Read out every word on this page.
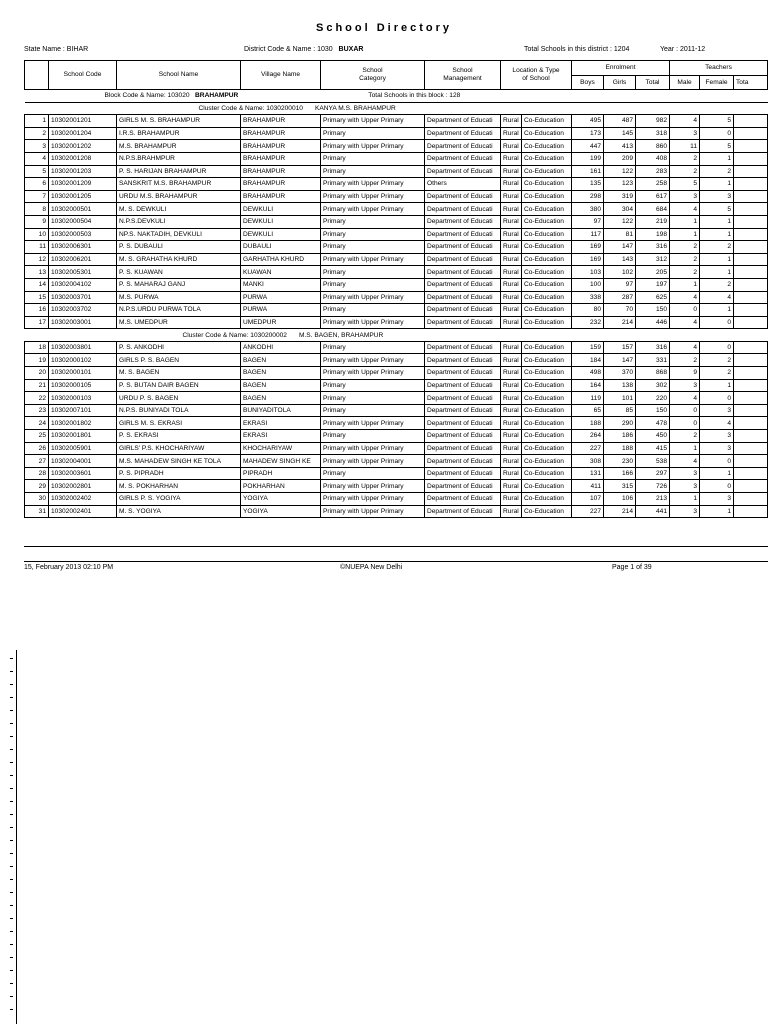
School Directory
State Name : BIHAR	District Code & Name : 1030 BUXAR	Total Schools in this district : 1204	Year : 2011-12
	School Code	School Name	Village Name	School Category	School Management	Location & Type of School		Enrolment			Teachers		
								Boys	Girls	Total	Male	Female	Tota
Block Code & Name: 103020 BRAHAMPUR Total Schools in this block : 128													
Cluster Code & Name: 1030200010 KANYA M.S. BRAHAMPUR													
1	10302001201	GIRLS M. S. BRAHAMPUR	BRAHAMPUR	Primary with Upper Primary	Department of Educati	Rural	Co-Education	495	487	982	4	5	
2	10302001204	I.R.S. BRAHAMPUR	BRAHAMPUR	Primary	Department of Educati	Rural	Co-Education	173	145	318	3	0	
3	10302001202	M.S. BRAHAMPUR	BRAHAMPUR	Primary with Upper Primary	Department of Educati	Rural	Co-Education	447	413	860	11	5	
4	10302001208	N.P.S.BRAHMPUR	BRAHAMPUR	Primary	Department of Educati	Rural	Co-Education	199	209	408	2	1	
5	10302001203	P. S. HARIJAN BRAHAMPUR	BRAHAMPUR	Primary	Department of Educati	Rural	Co-Education	161	122	283	2	2	
6	10302001209	SANSKRIT M.S. BRAHAMPUR	BRAHAMPUR	Primary with Upper Primary	Others	Rural	Co-Education	135	123	258	5	1	
7	10302001205	URDU M.S. BRAHAMPUR	BRAHAMPUR	Primary with Upper Primary	Department of Educati	Rural	Co-Education	298	319	617	3	3	
8	10302000501	M. S. DEWKULI	DEWKULI	Primary with Upper Primary	Department of Educati	Rural	Co-Education	380	304	684	4	5	
9	10302000504	N.P.S.DEVKULI	DEWKULI	Primary	Department of Educati	Rural	Co-Education	97	122	219	1	1	
10	10302000503	NP.S. NAKTADIH, DEVKULI	DEWKULI	Primary	Department of Educati	Rural	Co-Education	117	81	198	1	1	
11	10302006301	P. S. DUBAULI	DUBAULI	Primary	Department of Educati	Rural	Co-Education	169	147	316	2	2	
12	10302006201	M. S. GRAHATHA KHURD	GARHATHA KHURD	Primary with Upper Primary	Department of Educati	Rural	Co-Education	169	143	312	2	1	
13	10302005301	P. S. KUAWAN	KUAWAN	Primary	Department of Educati	Rural	Co-Education	103	102	205	2	1	
14	10302004102	P. S. MAHARAJ GANJ	MANKI	Primary	Department of Educati	Rural	Co-Education	100	97	197	1	2	
15	10302003701	M.S. PURWA	PURWA	Primary with Upper Primary	Department of Educati	Rural	Co-Education	338	287	625	4	4	
16	10302003702	N.P.S.URDU PURWA TOLA	PURWA	Primary	Department of Educati	Rural	Co-Education	80	70	150	0	1	
17	10302003001	M.S. UMEDPUR	UMEDPUR	Primary with Upper Primary	Department of Educati	Rural	Co-Education	232	214	446	4	0	
Cluster Code & Name: 1030200002 M.S. BAGEN, BRAHAMPUR													
18	10302003801	P. S. ANKODHI	ANKODHI	Primary	Department of Educati	Rural	Co-Education	159	157	316	4	0	
19	10302000102	GIRLS P. S. BAGEN	BAGEN	Primary with Upper Primary	Department of Educati	Rural	Co-Education	184	147	331	2	2	
20	10302000101	M. S. BAGEN	BAGEN	Primary with Upper Primary	Department of Educati	Rural	Co-Education	498	370	868	9	2	
21	10302000105	P. S. BUTAN DAIR BAGEN	BAGEN	Primary	Department of Educati	Rural	Co-Education	164	138	302	3	1	
22	10302000103	URDU P. S. BAGEN	BAGEN	Primary	Department of Educati	Rural	Co-Education	119	101	220	4	0	
23	10302007101	N.P.S. BUNIYADI TOLA	BUNIYADITOLA	Primary	Department of Educati	Rural	Co-Education	65	85	150	0	3	
24	10302001802	GIRLS M. S. EKRASI	EKRASI	Primary with Upper Primary	Department of Educati	Rural	Co-Education	188	290	478	0	4	
25	10302001801	P. S. EKRASI	EKRASI	Primary	Department of Educati	Rural	Co-Education	264	186	450	2	3	
26	10302005901	GIRLS' P.S. KHOCHARIYAW	KHOCHARIYAW	Primary with Upper Primary	Department of Educati	Rural	Co-Education	227	188	415	1	3	
27	10302004001	M.S. MAHADEW SINGH KE TOLA	MAHADEW SINGH KE	Primary with Upper Primary	Department of Educati	Rural	Co-Education	308	230	538	4	0	
28	10302003601	P. S. PIPRADH	PIPRADH	Primary	Department of Educati	Rural	Co-Education	131	166	297	3	1	
29	10302002801	M. S. POKHARHAN	POKHARHAN	Primary with Upper Primary	Department of Educati	Rural	Co-Education	411	315	726	3	0	
30	10302002402	GIRLS P. S. YOGIYA	YOGIYA	Primary with Upper Primary	Department of Educati	Rural	Co-Education	107	106	213	1	3	
31	10302002401	M. S. YOGIYA	YOGIYA	Primary with Upper Primary	Department of Educati	Rural	Co-Education	227	214	441	3	1	
15, February 2013 02:10 PM	©NUEPA New Delhi	Page 1 of 39
